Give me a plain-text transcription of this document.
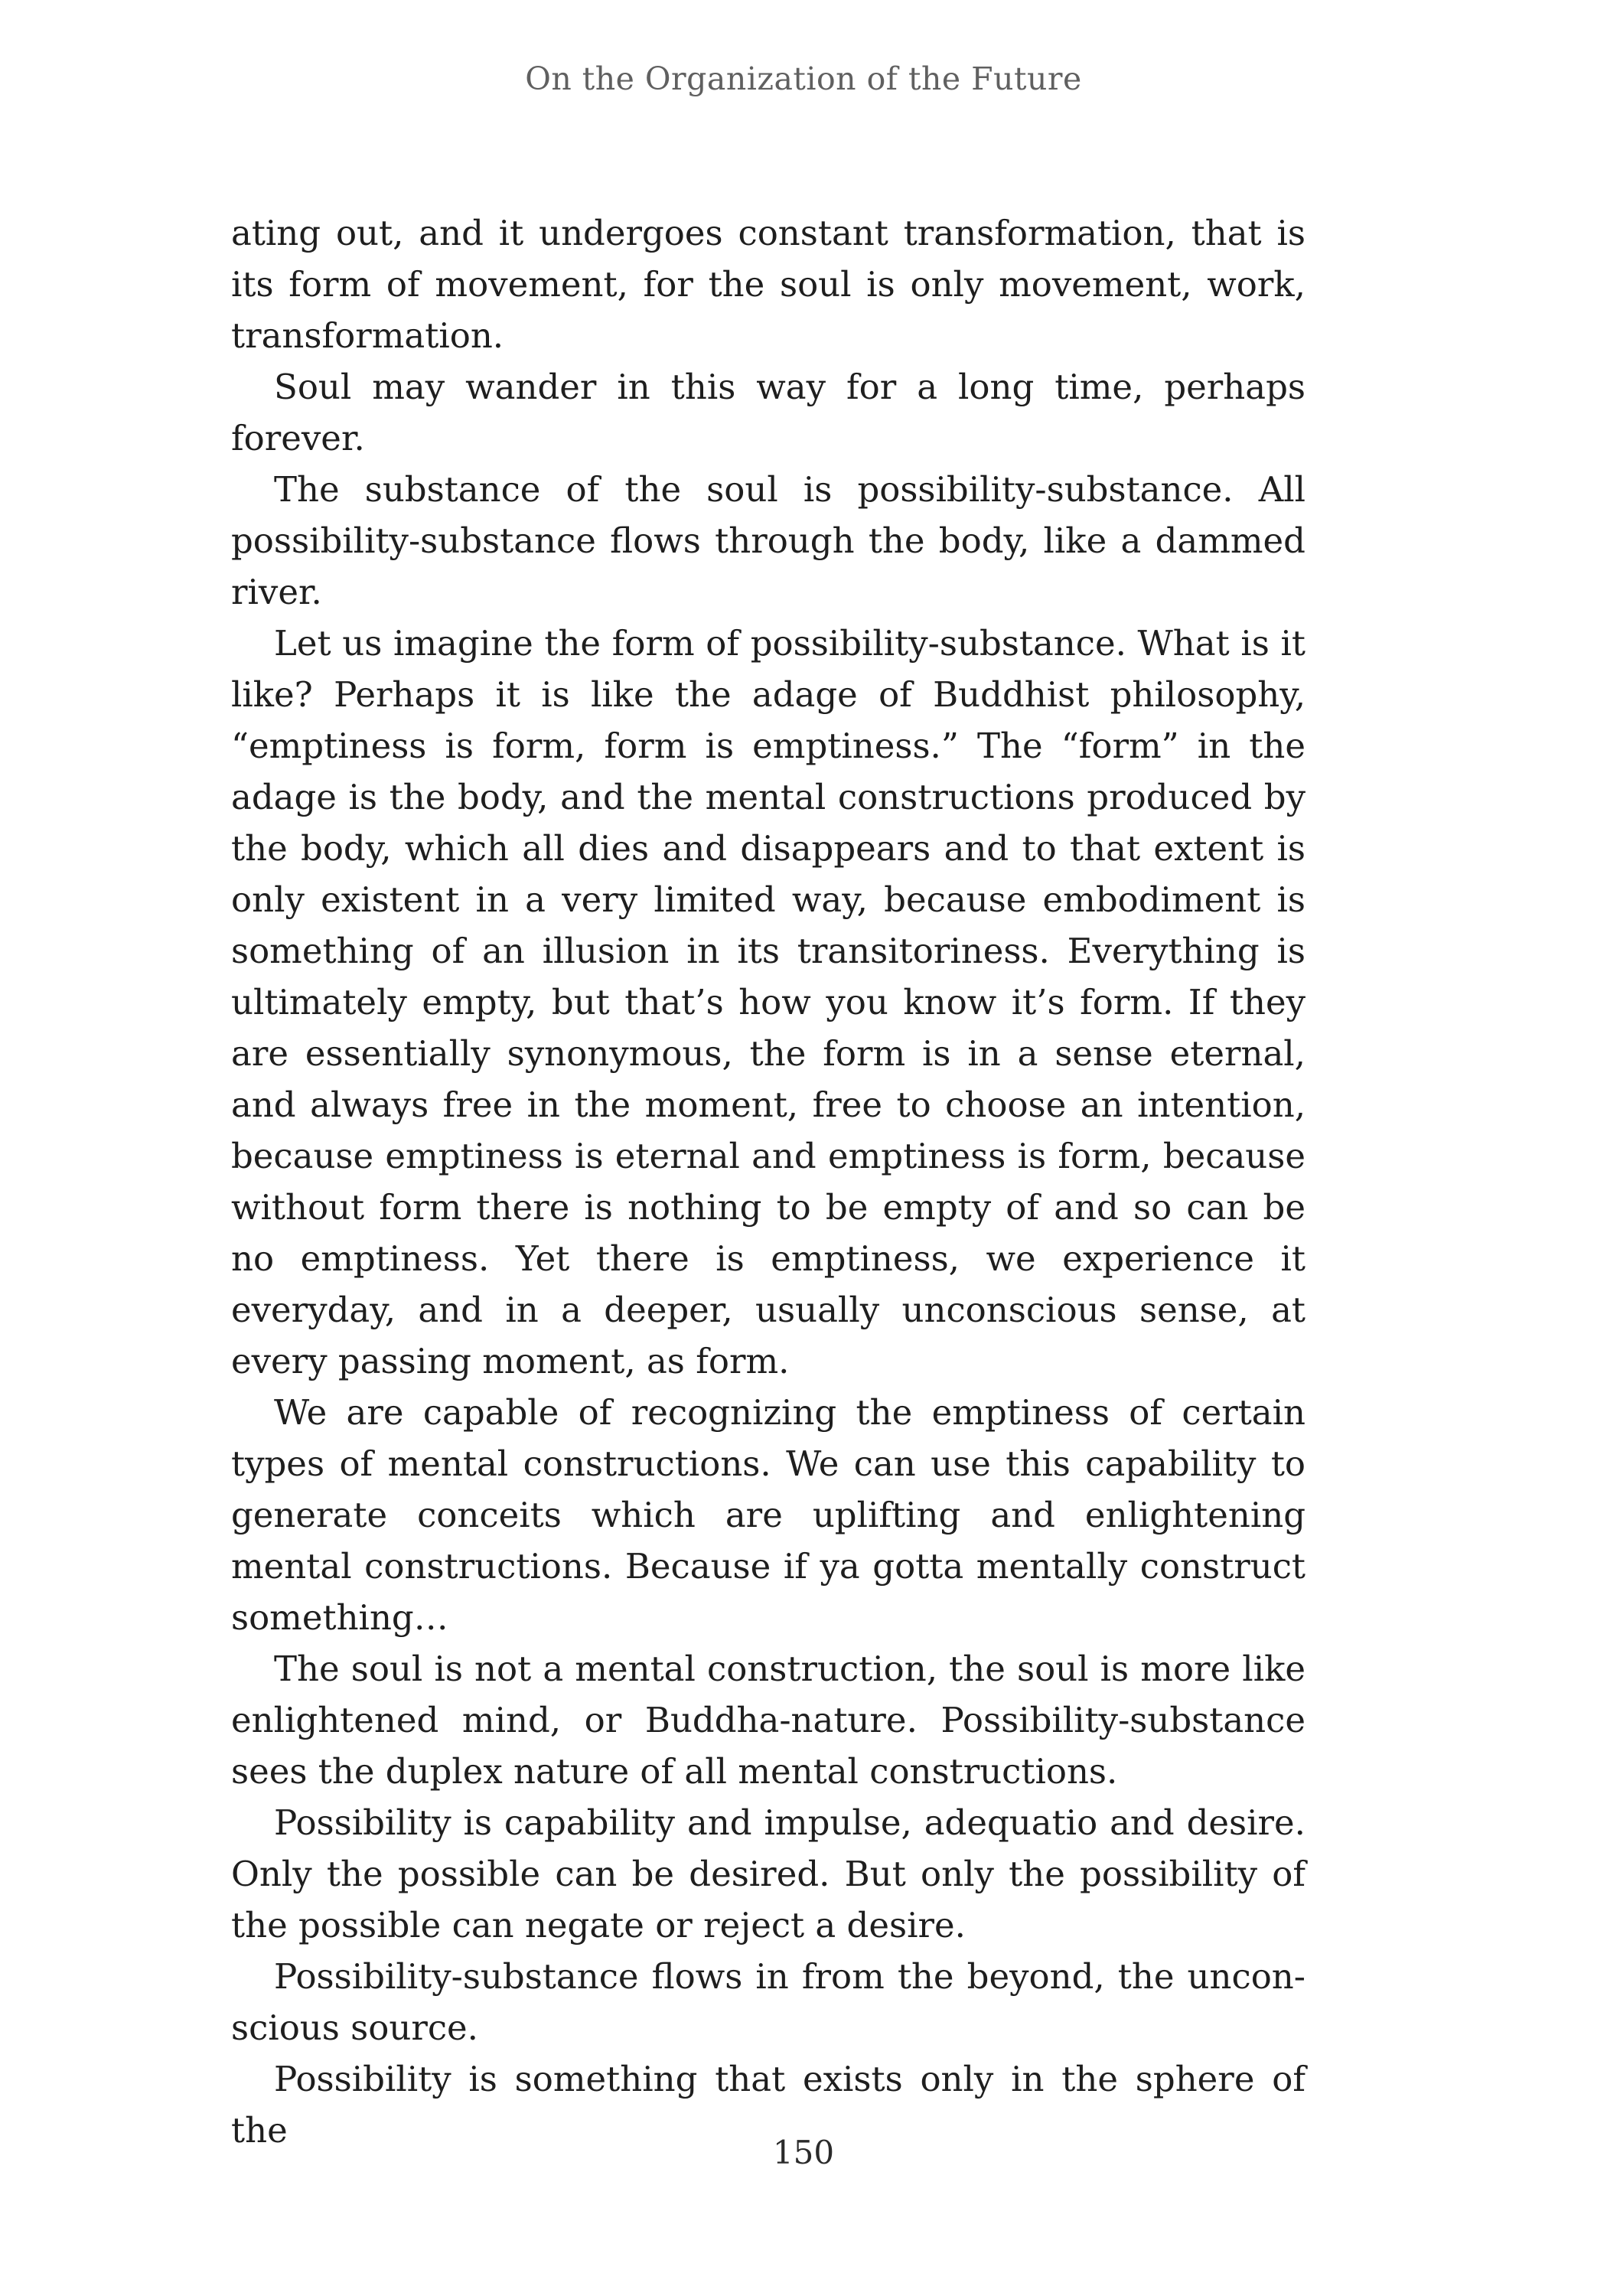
On the Organization of the Future

ating out, and it undergoes constant transformation, that is its form of movement, for the soul is only movement, work, transformation.

Soul may wander in this way for a long time, perhaps forever.

The substance of the soul is possibility-substance. All possibility-substance flows through the body, like a dammed river.

Let us imagine the form of possibility-substance. What is it like? Perhaps it is like the adage of Buddhist philosophy, “emptiness is form, form is emptiness.” The “form” in the adage is the body, and the mental constructions produced by the body, which all dies and disappears and to that extent is only existent in a very limited way, because embodiment is something of an illusion in its transitoriness. Everything is ultimately empty, but that’s how you know it’s form. If they are essentially synonymous, the form is in a sense eternal, and always free in the moment, free to choose an intention, because emptiness is eternal and emptiness is form, because without form there is nothing to be empty of and so can be no emptiness. Yet there is emptiness, we experience it everyday, and in a deeper, usually unconscious sense, at every passing moment, as form.

We are capable of recognizing the emptiness of certain types of mental constructions. We can use this capability to generate conceits which are uplifting and enlightening mental constructions. Because if ya gotta mentally construct something…

The soul is not a mental construction, the soul is more like enlightened mind, or Buddha-nature. Possibility-substance sees the duplex nature of all mental constructions.

Possibility is capability and impulse, adequatio and desire. Only the possible can be desired. But only the possibility of the possible can negate or reject a desire.

Possibility-substance flows in from the beyond, the unconscious source.

Possibility is something that exists only in the sphere of the

150
